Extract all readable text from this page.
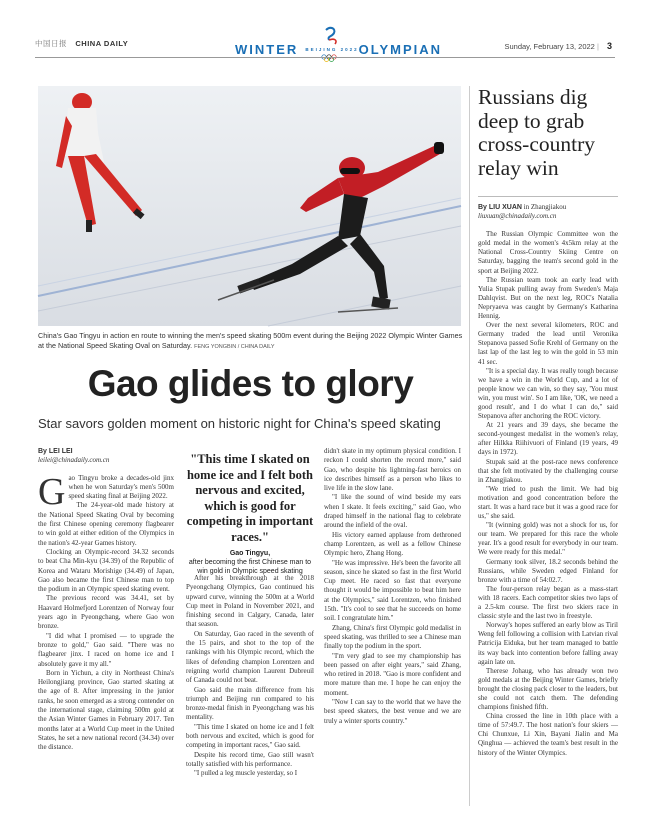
中国日报 CHINA DAILY	WINTER BEIJING 2022 OLYMPIAN	Sunday, February 13, 2022 | 3
China's Gao Tingyu in action en route to winning the men's speed skating 500m event during the Beijing 2022 Olympic Winter Games at the National Speed Skating Oval on Saturday. FENG YONGBIN / CHINA DAILY
Gao glides to glory
Star savors golden moment on historic night for China's speed skating
By LEI LEI
leilei@chinadaily.com.cn
G ao Tingyu broke a decades-old jinx when he won Saturday's men's 500m speed skating final at Beijing 2022.

The 24-year-old made history at the National Speed Skating Oval by becoming the first Chinese opening ceremony flagbearer to win gold at either edition of the Olympics in the nation's 42-year Games history.

Clocking an Olympic-record 34.32 seconds to beat Cha Min-kyu (34.39) of the Republic of Korea and Wataru Morishige (34.49) of Japan, Gao also became the first Chinese man to top the podium in an Olympic speed skating event.

The previous record was 34.41, set by Haavard Holmefjord Lorentzen of Norway four years ago in Pyeongchang, where Gao won bronze.

"I did what I promised — to upgrade the bronze to gold," Gao said. "There was no flagbearer jinx. I raced on home ice and I absolutely gave it my all."

Born in Yichun, a city in Northeast China's Heilongjiang province, Gao started skating at the age of 8. After impressing in the junior ranks, he soon emerged as a strong contender on the international stage, claiming 500m gold at the Asian Winter Games in February 2017. Ten months later at a World Cup meet in the United States, he set a new national record (34.34) over the distance.

"This time I skated on home ice and I felt both nervous and excited, which is good for competing in important races."
Gao Tingyu,
after becoming the first Chinese man to win gold in Olympic speed skating

After his breakthrough at the 2018 Pyeongchang Olympics, Gao continued his upward curve, winning the 500m at a World Cup meet in Poland in November 2021, and finishing second in Calgary, Canada, later that season.

On Saturday, Gao raced in the seventh of the 15 pairs, and shot to the top of the rankings with his Olympic record, which the likes of defending champion Lorentzen and reigning world champion Laurent Dubreuil of Canada could not beat.

Gao said the main difference from his triumph and Beijing run compared to his bronze-medal finish in Pyeongchang was his mentality.

"This time I skated on home ice and I felt both nervous and excited, which is good for competing in important races," Gao said.

Despite his record time, Gao still wasn't totally satisfied with his performance.

"I pulled a leg muscle yesterday, so I

didn't skate in my optimum physical condition. I reckon I could shorten the record more," said Gao, who despite his lightning-fast heroics on ice describes himself as a person who likes to live life in the slow lane.

"I like the sound of wind beside my ears when I skate. It feels exciting," said Gao, who draped himself in the national flag to celebrate around the infield of the oval.

His victory earned applause from dethroned champ Lorentzen, as well as a fellow Chinese Olympic hero, Zhang Hong.

"He was impressive. He's been the favorite all season, since he skated so fast in the first World Cup meet. He raced so fast that everyone thought it would be impossible to beat him here at the Olympics," said Lorentzen, who finished 15th. "It's cool to see that he succeeds on home soil. I congratulate him."

Zhang, China's first Olympic gold medalist in speed skating, was thrilled to see a Chinese man finally top the podium in the sport.

"I'm very glad to see my championship has been passed on after eight years," said Zhang, who retired in 2018. "Gao is more confident and more mature than me. I hope he can enjoy the moment.

"Now I can say to the world that we have the best speed skaters, the best venue and we are truly a winter sports country."

Russians dig deep to grab cross-country relay win
By LIU XUAN in Zhangjiakou
liuxuan@chinadaily.com.cn

The Russian Olympic Committee won the gold medal in the women's 4x5km relay at the National Cross-Country Skiing Centre on Saturday, bagging the team's second gold in the sport at Beijing 2022.

The Russian team took an early lead with Yulia Stupak pulling away from Sweden's Maja Dahlqvist. But on the next leg, ROC's Natalia Nepryaeva was caught by Germany's Katharina Hennig.

Over the next several kilometers, ROC and Germany traded the lead until Veronika Stepanova passed Sofie Krehl of Germany on the last lap of the last leg to win the gold in 53 min 41 sec.

"It is a special day. It was really tough because we have a win in the World Cup, and a lot of people know we can win, so they say, 'You must win, you must win'. So I am like, 'OK, we need a good result', and I do what I can do," said Stepanova after anchoring the ROC victory.

At 21 years and 39 days, she became the second-youngest medalist in the women's relay, after Hilkka Riihivuori of Finland (19 years, 49 days in 1972).

Stupak said at the post-race news conference that she felt motivated by the challenging course in Zhangjiakou.

"We tried to push the limit. We had big motivation and good concentration before the start. It was a hard race but it was a good race for us," she said.

"It (winning gold) was not a shock for us, for our team. We prepared for this race the whole year. It's a good result for everybody in our team. We were ready for this medal."

Germany took silver, 18.2 seconds behind the Russians, while Sweden edged Finland for bronze with a time of 54:02.7.

The four-person relay began as a mass-start with 18 racers. Each competitor skies two laps of a 2.5-km course. The first two skiers race in classic style and the last two in freestyle.

Norway's hopes suffered an early blow as Tiril Weng fell following a collision with Latvian rival Patricija Eiduka, but her team managed to battle its way back into contention before falling away again late on.

Therese Johaug, who has already won two gold medals at the Beijing Winter Games, briefly brought the closing pack closer to the leaders, but she could not catch them. The defending champions finished fifth.

China crossed the line in 10th place with a time of 57:49.7. The host nation's four skiers — Chi Chunxue, Li Xin, Bayani Jialin and Ma Qinghua — achieved the team's best result in the history of the Winter Olympics.
